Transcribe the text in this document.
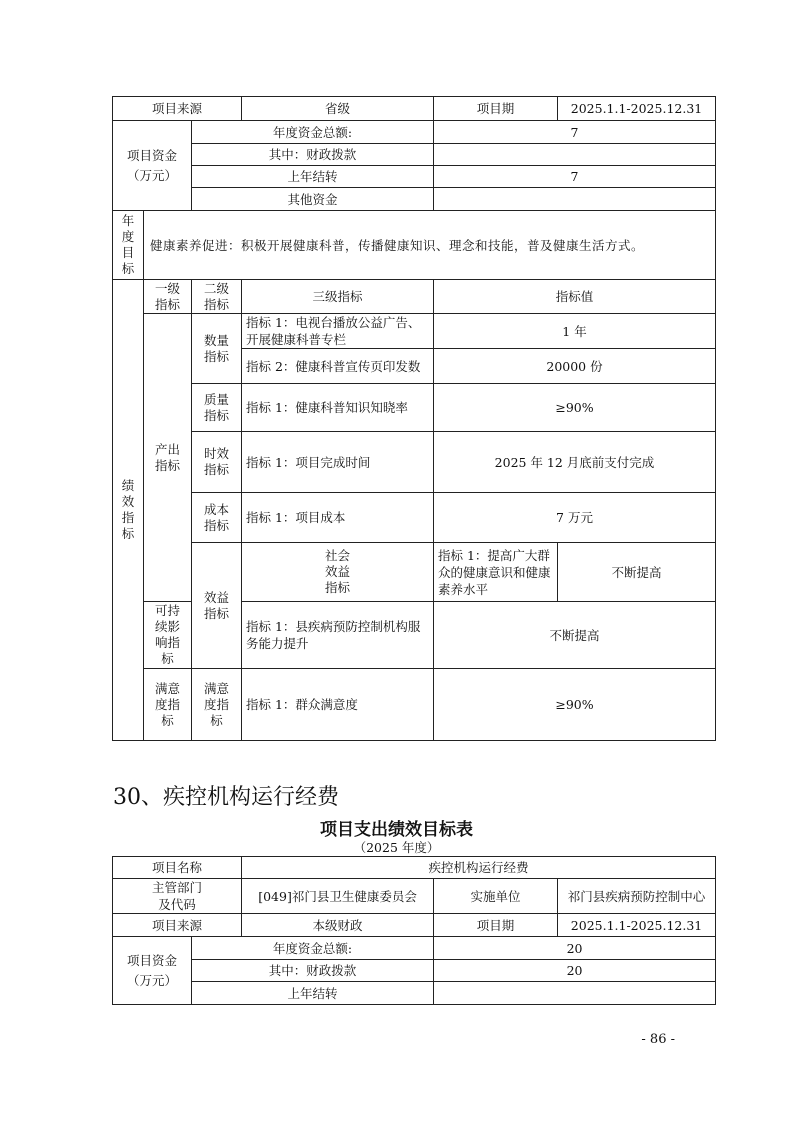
项目来源			省级	项目期	2025.1.1-2025.12.31
项目资金（万元）		年度资金总额:		7	
		其中：财政拨款			
		上年结转		7	
		其他资金			
年度目标	健康素养促进：积极开展健康科普，传播健康知识、理念和技能，普及健康生活方式。				
绩效指标	一级指标	二级指标	三级指标	指标值	
	产出指标	数量指标	指标 1：电视台播放公益广告、开展健康科普专栏	1 年	
			指标 2：健康科普宣传页印发数	20000 份	
		质量指标	指标 1：健康科普知识知晓率	≥90%	
		时效指标	指标 1：项目完成时间	2025 年 12 月底前支付完成	
		成本指标	指标 1：项目成本	7 万元	
		效益指标	社会效益指标	指标 1：提高广大群众的健康意识和健康素养水平	不断提高
	可持续影响指标		指标 1：县疾病预防控制机构服务能力提升	不断提高	
	满意度指标	满意度指标	指标 1：群众满意度	≥90%	
30、疾控机构运行经费
项目支出绩效目标表
（2025 年度）
项目名称		疾控机构运行经费		
主管部门及代码		[049]祁门县卫生健康委员会	实施单位	祁门县疾病预防控制中心
项目来源		本级财政	项目期	2025.1.1-2025.12.31
项目资金（万元）	年度资金总额:		20	
	其中：财政拨款		20	
	上年结转			
- 86 -
